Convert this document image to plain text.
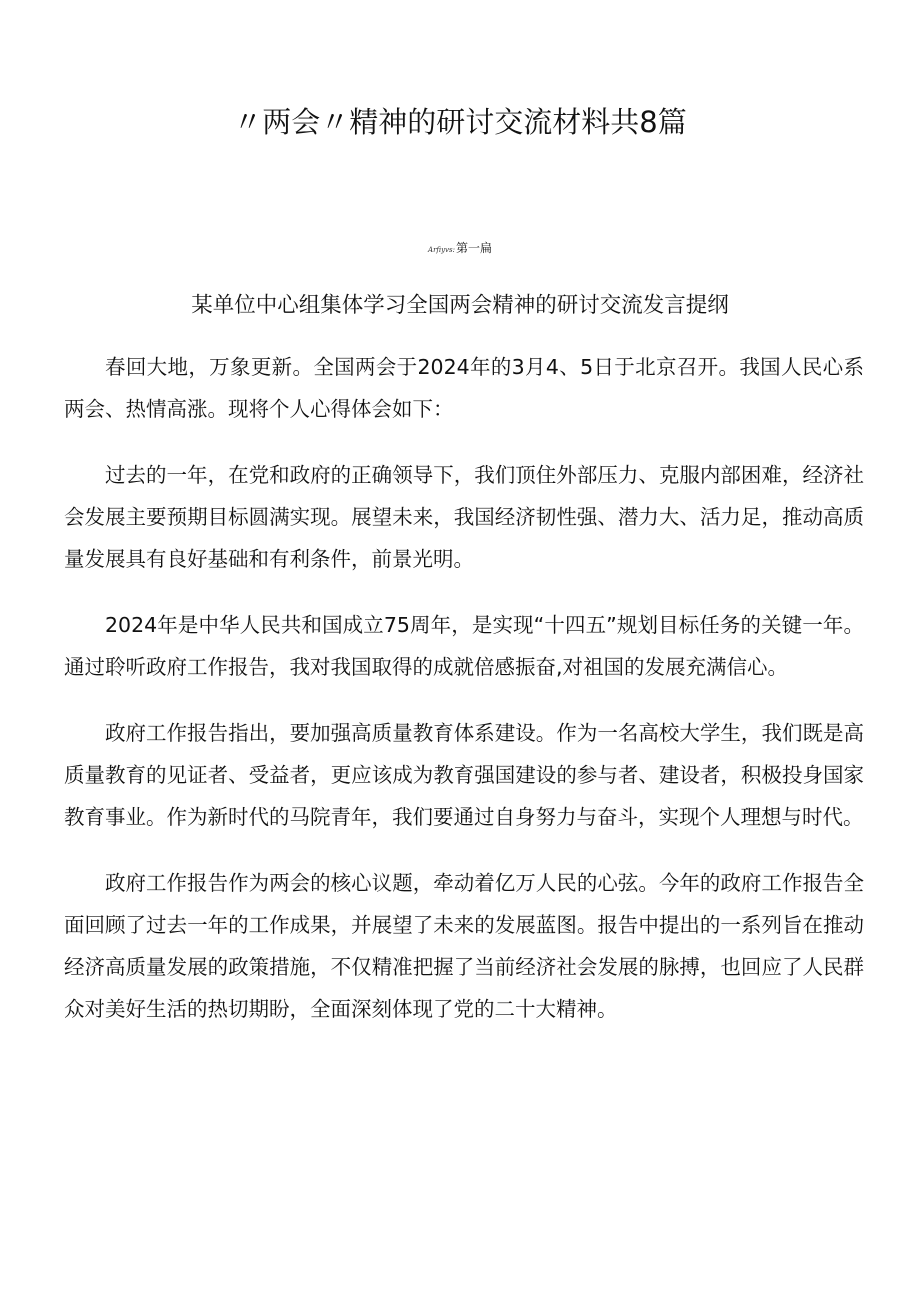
〃两会〃精神的研讨交流材料共8篇
Arfiyvs:第一扁
某单位中心组集体学习全国两会精神的研讨交流发言提纲

春回大地，万象更新。全国两会于2024年的3月4、5日于北京召开。我国人民心系两会、热情高涨。现将个人心得体会如下：

过去的一年，在党和政府的正确领导下，我们顶住外部压力、克服内部困难，经济社会发展主要预期目标圆满实现。展望未来，我国经济韧性强、潜力大、活力足，推动高质量发展具有良好基础和有利条件，前景光明。

2024年是中华人民共和国成立75周年，是实现“十四五”规划目标任务的关键一年。通过聆听政府工作报告，我对我国取得的成就倍感振奋,对祖国的发展充满信心。

政府工作报告指出，要加强高质量教育体系建设。作为一名高校大学生，我们既是高质量教育的见证者、受益者，更应该成为教育强国建设的参与者、建设者，积极投身国家教育事业。作为新时代的马院青年，我们要通过自身努力与奋斗，实现个人理想与时代。

政府工作报告作为两会的核心议题，牵动着亿万人民的心弦。今年的政府工作报告全面回顾了过去一年的工作成果，并展望了未来的发展蓝图。报告中提出的一系列旨在推动经济高质量发展的政策措施，不仅精准把握了当前经济社会发展的脉搏，也回应了人民群众对美好生活的热切期盼，全面深刻体现了党的二十大精神。
